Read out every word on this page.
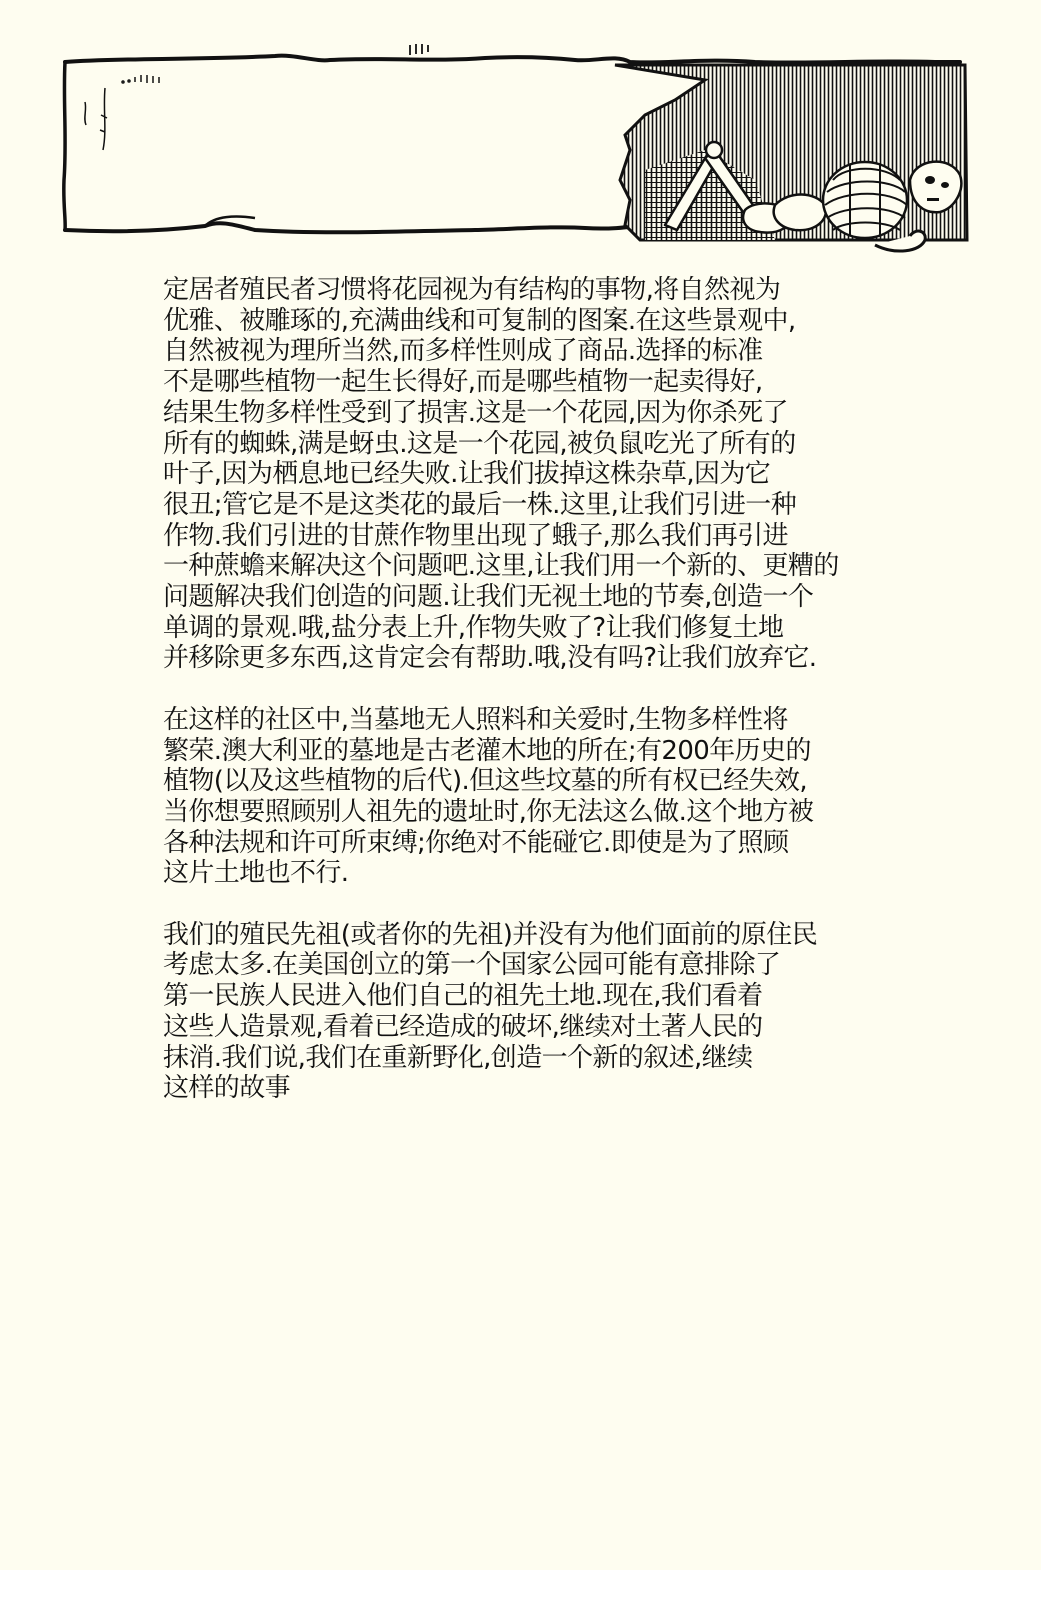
定居者殖民者习惯将花园视为有结构的事物,将自然视为
优雅、被雕琢的,充满曲线和可复制的图案.在这些景观中,
自然被视为理所当然,而多样性则成了商品.选择的标准
不是哪些植物一起生长得好,而是哪些植物一起卖得好,
结果生物多样性受到了损害.这是一个花园,因为你杀死了
所有的蜘蛛,满是蚜虫.这是一个花园,被负鼠吃光了所有的
叶子,因为栖息地已经失败.让我们拔掉这株杂草,因为它
很丑;管它是不是这类花的最后一株.这里,让我们引进一种
作物.我们引进的甘蔗作物里出现了蛾子,那么我们再引进
一种蔗蟾来解决这个问题吧.这里,让我们用一个新的、更糟的
问题解决我们创造的问题.让我们无视土地的节奏,创造一个
单调的景观.哦,盐分表上升,作物失败了?让我们修复土地
并移除更多东西,这肯定会有帮助.哦,没有吗?让我们放弃它.

在这样的社区中,当墓地无人照料和关爱时,生物多样性将
繁荣.澳大利亚的墓地是古老灌木地的所在;有200年历史的
植物(以及这些植物的后代).但这些坟墓的所有权已经失效,
当你想要照顾别人祖先的遗址时,你无法这么做.这个地方被
各种法规和许可所束缚;你绝对不能碰它.即使是为了照顾
这片土地也不行.

我们的殖民先祖(或者你的先祖)并没有为他们面前的原住民
考虑太多.在美国创立的第一个国家公园可能有意排除了
第一民族人民进入他们自己的祖先土地.现在,我们看着
这些人造景观,看着已经造成的破坏,继续对土著人民的
抹消.我们说,我们在重新野化,创造一个新的叙述,继续
这样的故事
